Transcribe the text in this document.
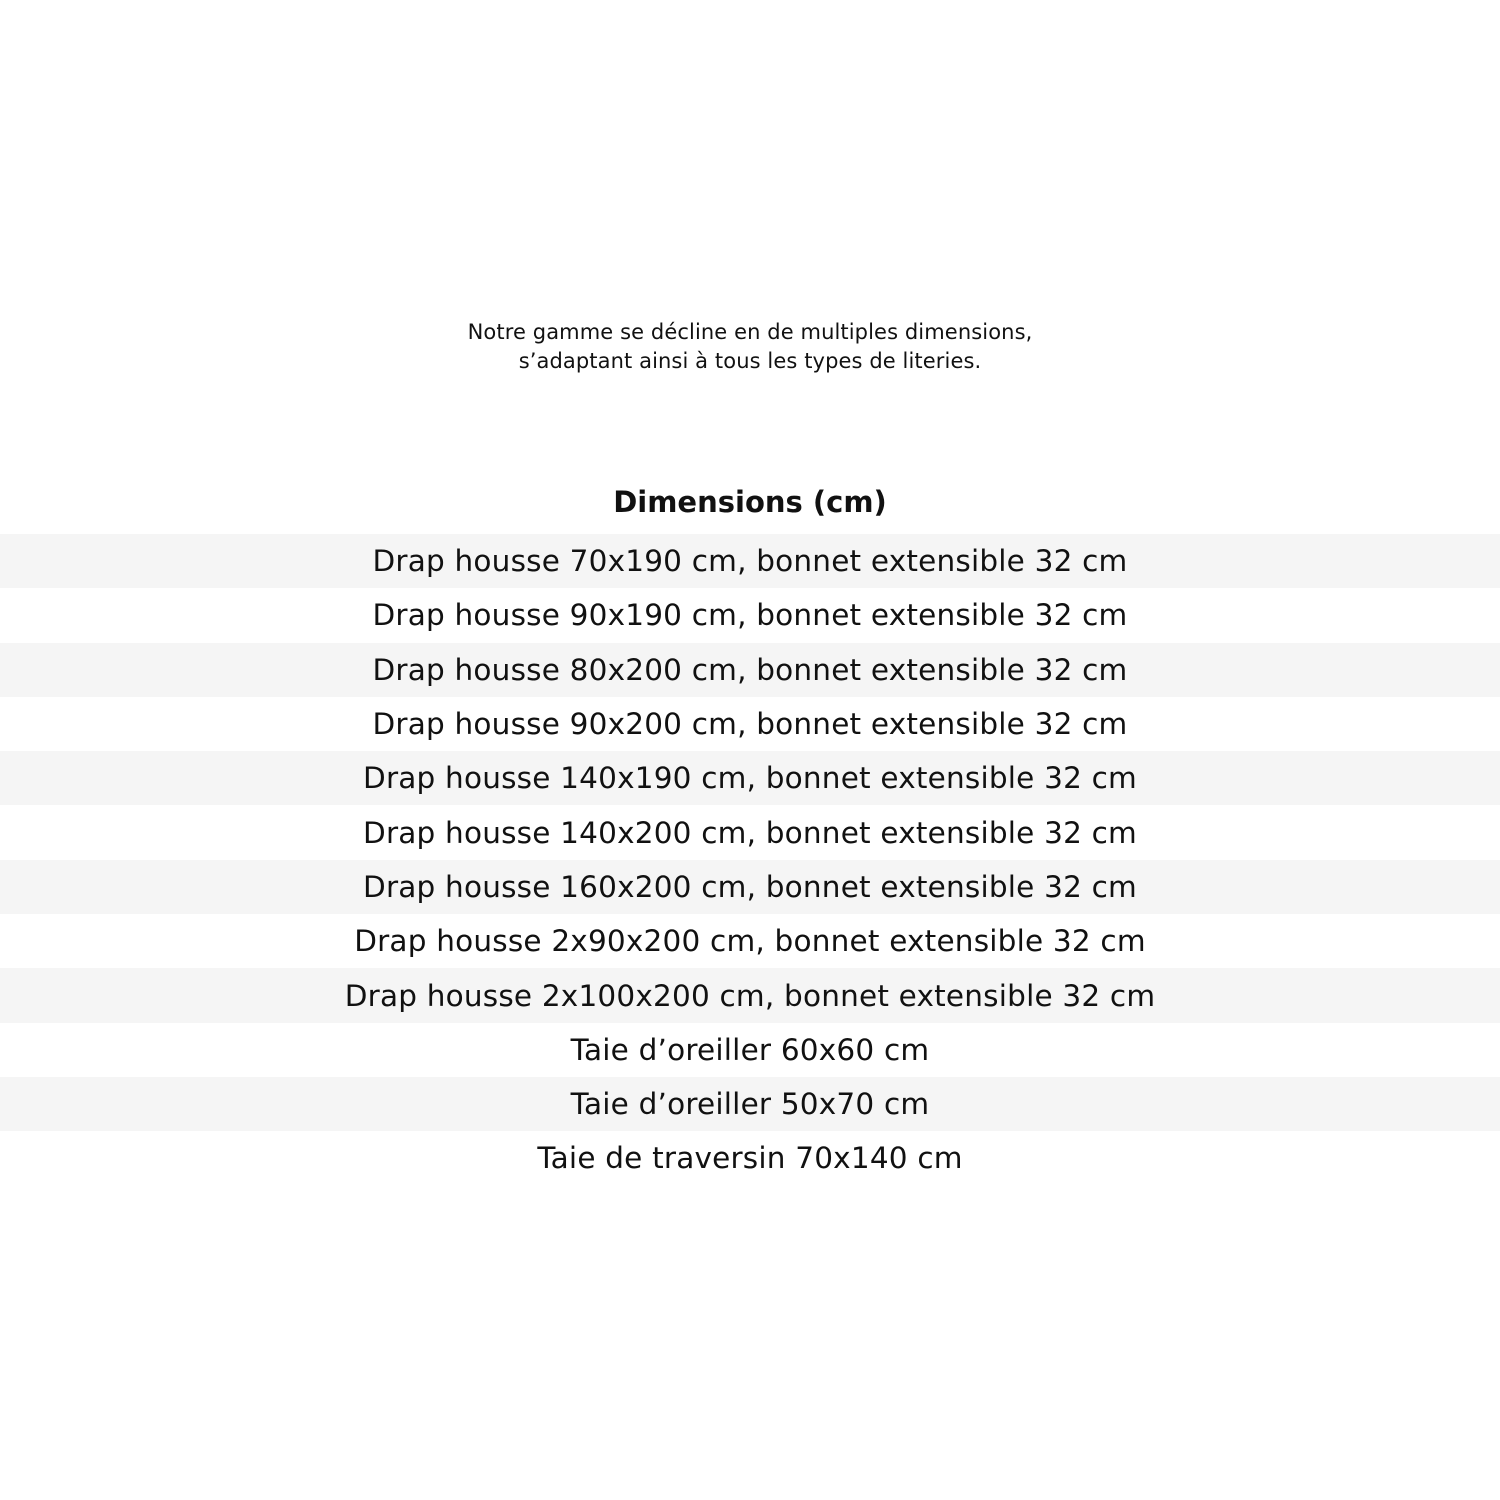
Notre gamme se décline en de multiples dimensions,
s’adaptant ainsi à tous les types de literies.
Dimensions (cm)
Drap housse 70x190 cm, bonnet extensible 32 cm
Drap housse 90x190 cm, bonnet extensible 32 cm
Drap housse 80x200 cm, bonnet extensible 32 cm
Drap housse 90x200 cm, bonnet extensible 32 cm
Drap housse 140x190 cm, bonnet extensible 32 cm
Drap housse 140x200 cm, bonnet extensible 32 cm
Drap housse 160x200 cm, bonnet extensible 32 cm
Drap housse 2x90x200 cm, bonnet extensible 32 cm
Drap housse 2x100x200 cm, bonnet extensible 32 cm
Taie d’oreiller 60x60 cm
Taie d’oreiller 50x70 cm
Taie de traversin 70x140 cm
